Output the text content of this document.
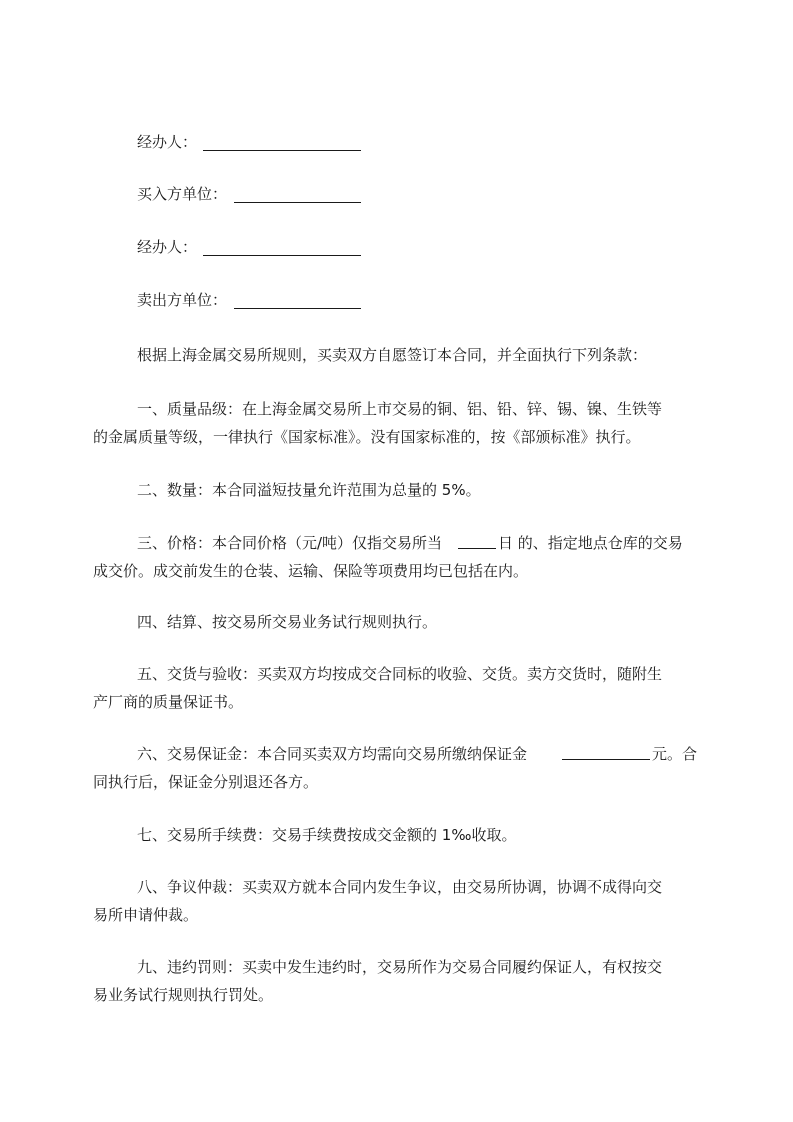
经办人：
买入方单位：
经办人：
卖出方单位：
根据上海金属交易所规则，买卖双方自愿签订本合同，并全面执行下列条款：
一、质量品级：在上海金属交易所上市交易的铜、铝、铅、锌、锡、镍、生铁等
的金属质量等级，一律执行《国家标准》。没有国家标准的，按《部颁标准》执行。
二、数量：本合同溢短技量允许范围为总量的 5%。
三、价格：本合同价格（元/吨）仅指交易所当	日 的、指定地点仓库的交易
成交价。成交前发生的仓装、运输、保险等项费用均已包括在内。
四、结算、按交易所交易业务试行规则执行。
五、交货与验收：买卖双方均按成交合同标的收验、交货。卖方交货时，随附生
产厂商的质量保证书。
六、交易保证金：本合同买卖双方均需向交易所缴纳保证金	元。合
同执行后，保证金分别退还各方。
七、交易所手续费：交易手续费按成交金额的 1‰收取。
八、争议仲裁：买卖双方就本合同内发生争议，由交易所协调，协调不成得向交
易所申请仲裁。
九、违约罚则：买卖中发生违约时，交易所作为交易合同履约保证人，有权按交
易业务试行规则执行罚处。
